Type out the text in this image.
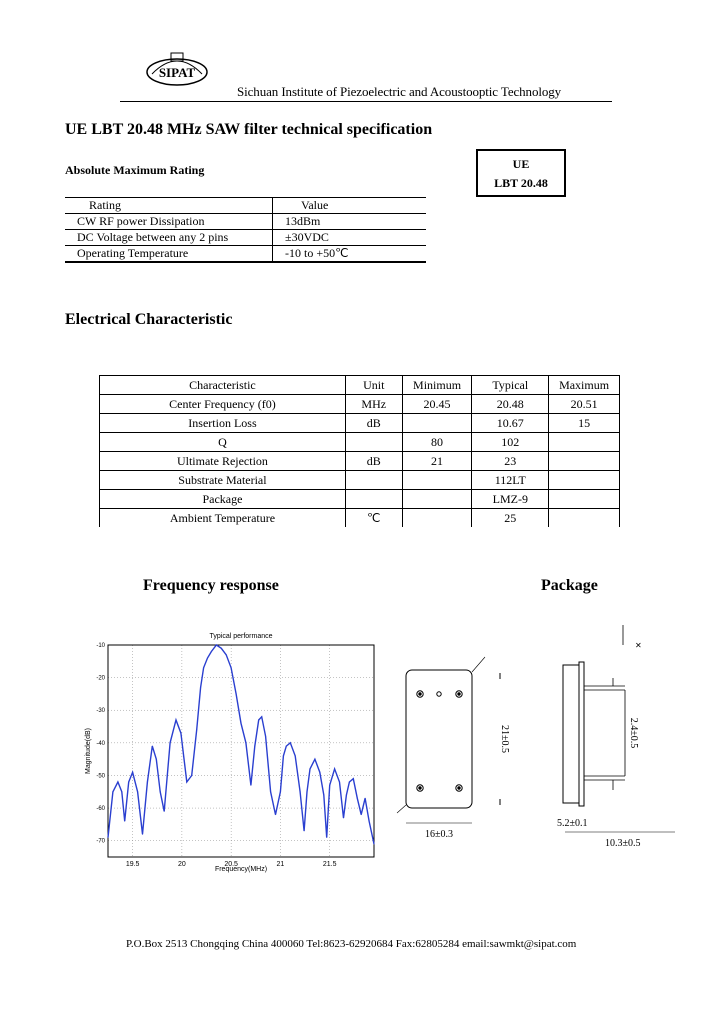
SIPAT
Sichuan Institute of Piezoelectric and Acoustooptic Technology
UE LBT 20.48 MHz SAW filter technical specification
Absolute Maximum Rating	UE
LBT 20.48
Rating	Value
CW RF power Dissipation	13dBm
DC Voltage between any 2 pins	±30VDC
Operating Temperature	-10 to +50℃
Electrical Characteristic
Characteristic	Unit	Minimum	Typical	Maximum
Center Frequency (f0)	MHz	20.45	20.48	20.51
Insertion Loss	dB		10.67	15
Q		80	102	
Ultimate Rejection	dB	21	23	
Substrate Material			112LT	
Package			LMZ-9	
Ambient Temperature	℃		25	
Frequency response	Package
Typical performance
-10
-20
-30
-40
-50
-60
-70
19.5	20	20.5	21	21.5
Frequency(MHz)
Magnitude(dB)	21±0.5
16±0.3
2.4±0.5
✕
5.2±0.1
10.3±0.5
P.O.Box 2513 Chongqing China 400060 Tel:8623-62920684 Fax:62805284 email:sawmkt@sipat.com
